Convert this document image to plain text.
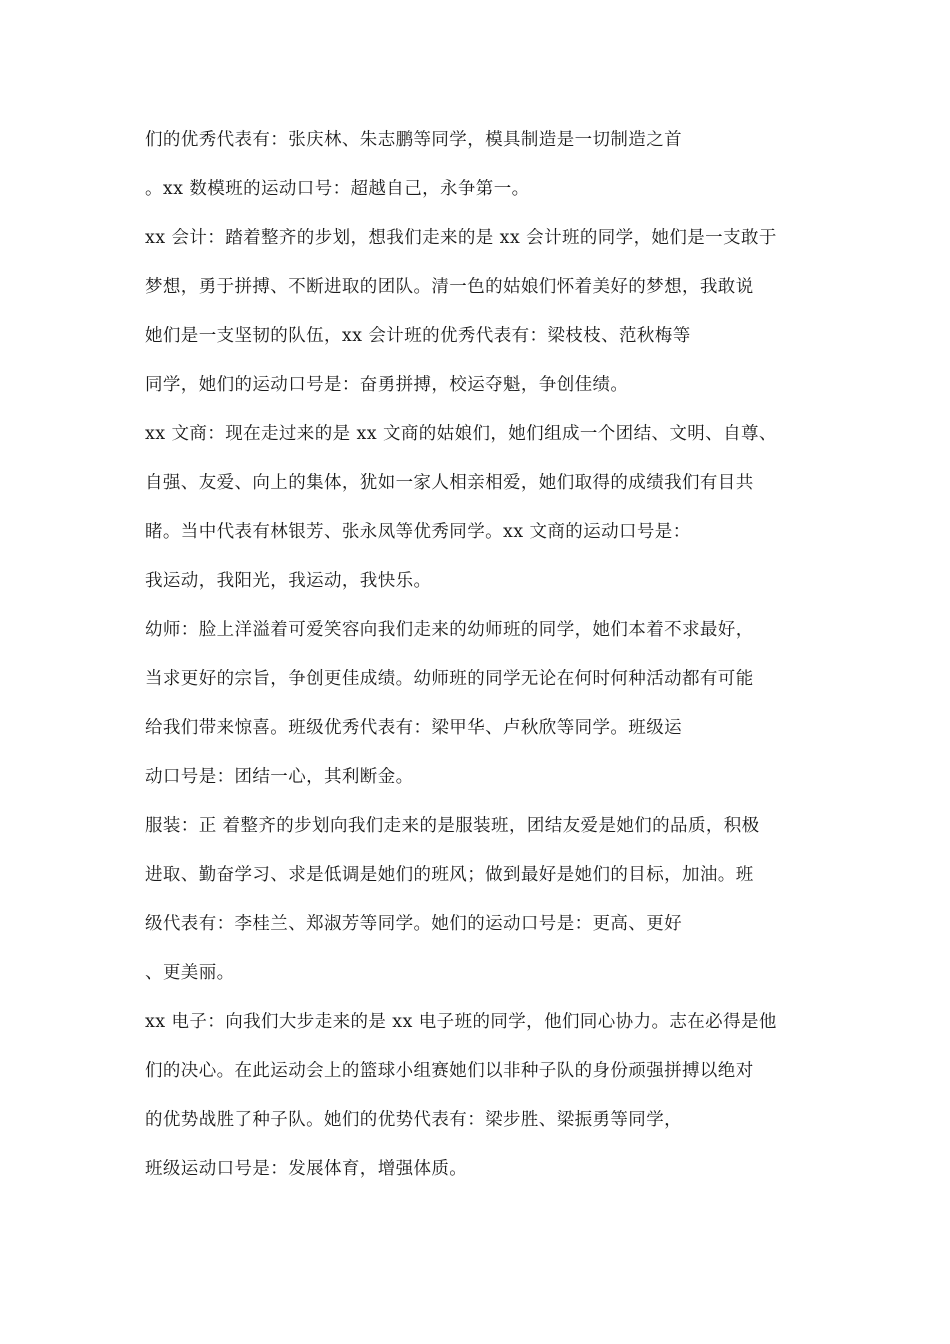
们的优秀代表有：张庆林、朱志鹏等同学，模具制造是一切制造之首
。xx 数模班的运动口号：超越自己，永争第一。
xx 会计：踏着整齐的步划，想我们走来的是 xx 会计班的同学，她们是一支敢于
梦想，勇于拼搏、不断进取的团队。清一色的姑娘们怀着美好的梦想，我敢说
她们是一支坚韧的队伍，xx 会计班的优秀代表有：梁枝枝、范秋梅等
同学，她们的运动口号是：奋勇拼搏，校运夺魁，争创佳绩。
xx 文商：现在走过来的是 xx 文商的姑娘们，她们组成一个团结、文明、自尊、
自强、友爱、向上的集体，犹如一家人相亲相爱，她们取得的成绩我们有目共
睹。当中代表有林银芳、张永凤等优秀同学。xx 文商的运动口号是：
我运动，我阳光，我运动，我快乐。
幼师：脸上洋溢着可爱笑容向我们走来的幼师班的同学，她们本着不求最好，
当求更好的宗旨，争创更佳成绩。幼师班的同学无论在何时何种活动都有可能
给我们带来惊喜。班级优秀代表有：梁甲华、卢秋欣等同学。班级运
动口号是：团结一心，其利断金。
服装：正 着整齐的步划向我们走来的是服装班，团结友爱是她们的品质，积极
进取、勤奋学习、求是低调是她们的班风；做到最好是她们的目标，加油。班
级代表有：李桂兰、郑淑芳等同学。她们的运动口号是：更高、更好
、更美丽。
xx 电子：向我们大步走来的是 xx 电子班的同学，他们同心协力。志在必得是他
们的决心。在此运动会上的篮球小组赛她们以非种子队的身份顽强拼搏以绝对
的优势战胜了种子队。她们的优势代表有：梁步胜、梁振勇等同学，
班级运动口号是：发展体育，增强体质。
